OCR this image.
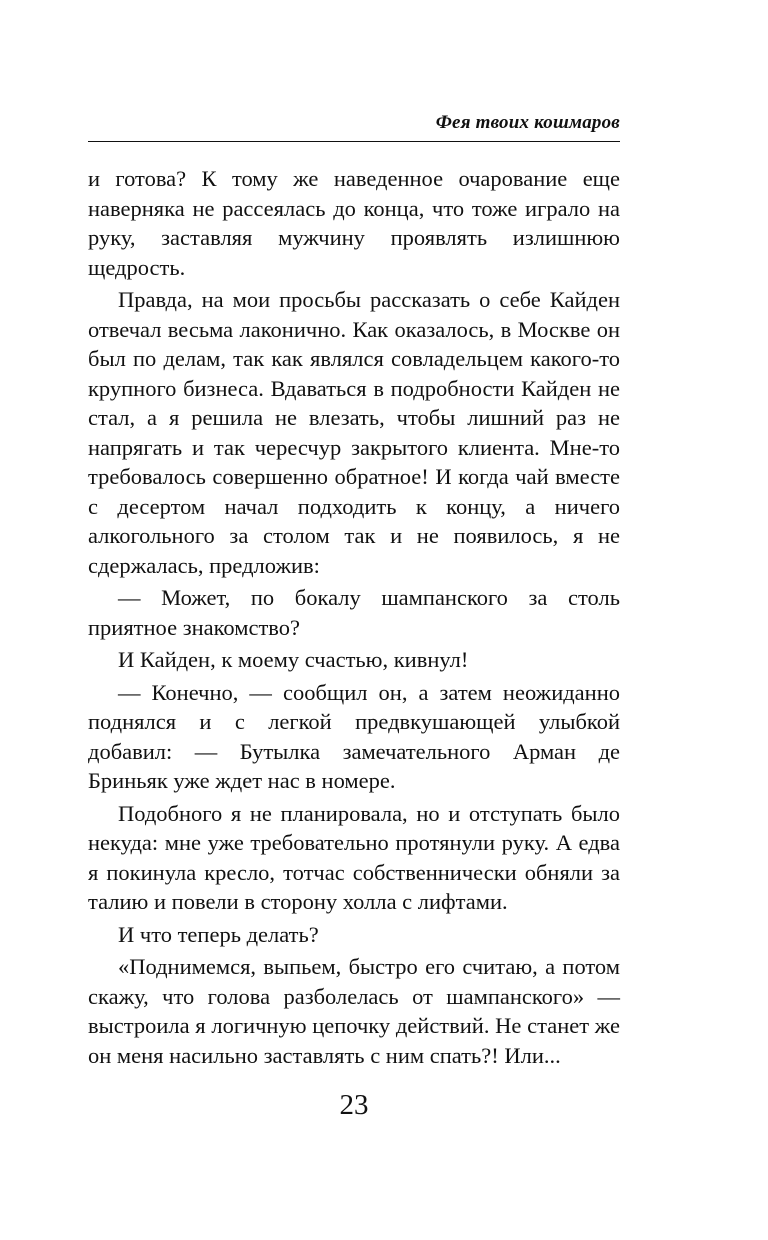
Фея твоих кошмаров

и готова? К тому же наведенное очарование еще наверняка не рассеялась до конца, что тоже играло на руку, заставляя мужчину проявлять излишнюю щедрость.

Правда, на мои просьбы рассказать о себе Кайден отвечал весьма лаконично. Как оказалось, в Москве он был по делам, так как являлся совладельцем какого-то крупного бизнеса. Вдаваться в подробности Кайден не стал, а я решила не влезать, чтобы лишний раз не напрягать и так чересчур закрытого клиента. Мне-то требовалось совершенно обратное! И когда чай вместе с десертом начал подходить к концу, а ничего алкогольного за столом так и не появилось, я не сдержалась, предложив:

— Может, по бокалу шампанского за столь приятное знакомство?

И Кайден, к моему счастью, кивнул!

— Конечно, — сообщил он, а затем неожиданно поднялся и с легкой предвкушающей улыбкой добавил: — Бутылка замечательного Арман де Бриньяк уже ждет нас в номере.

Подобного я не планировала, но и отступать было некуда: мне уже требовательно протянули руку. А едва я покинула кресло, тотчас собственнически обняли за талию и повели в сторону холла с лифтами.

И что теперь делать?

«Поднимемся, выпьем, быстро его считаю, а потом скажу, что голова разболелась от шампанского» — выстроила я логичную цепочку действий. Не станет же он меня насильно заставлять с ним спать?! Или...

23
